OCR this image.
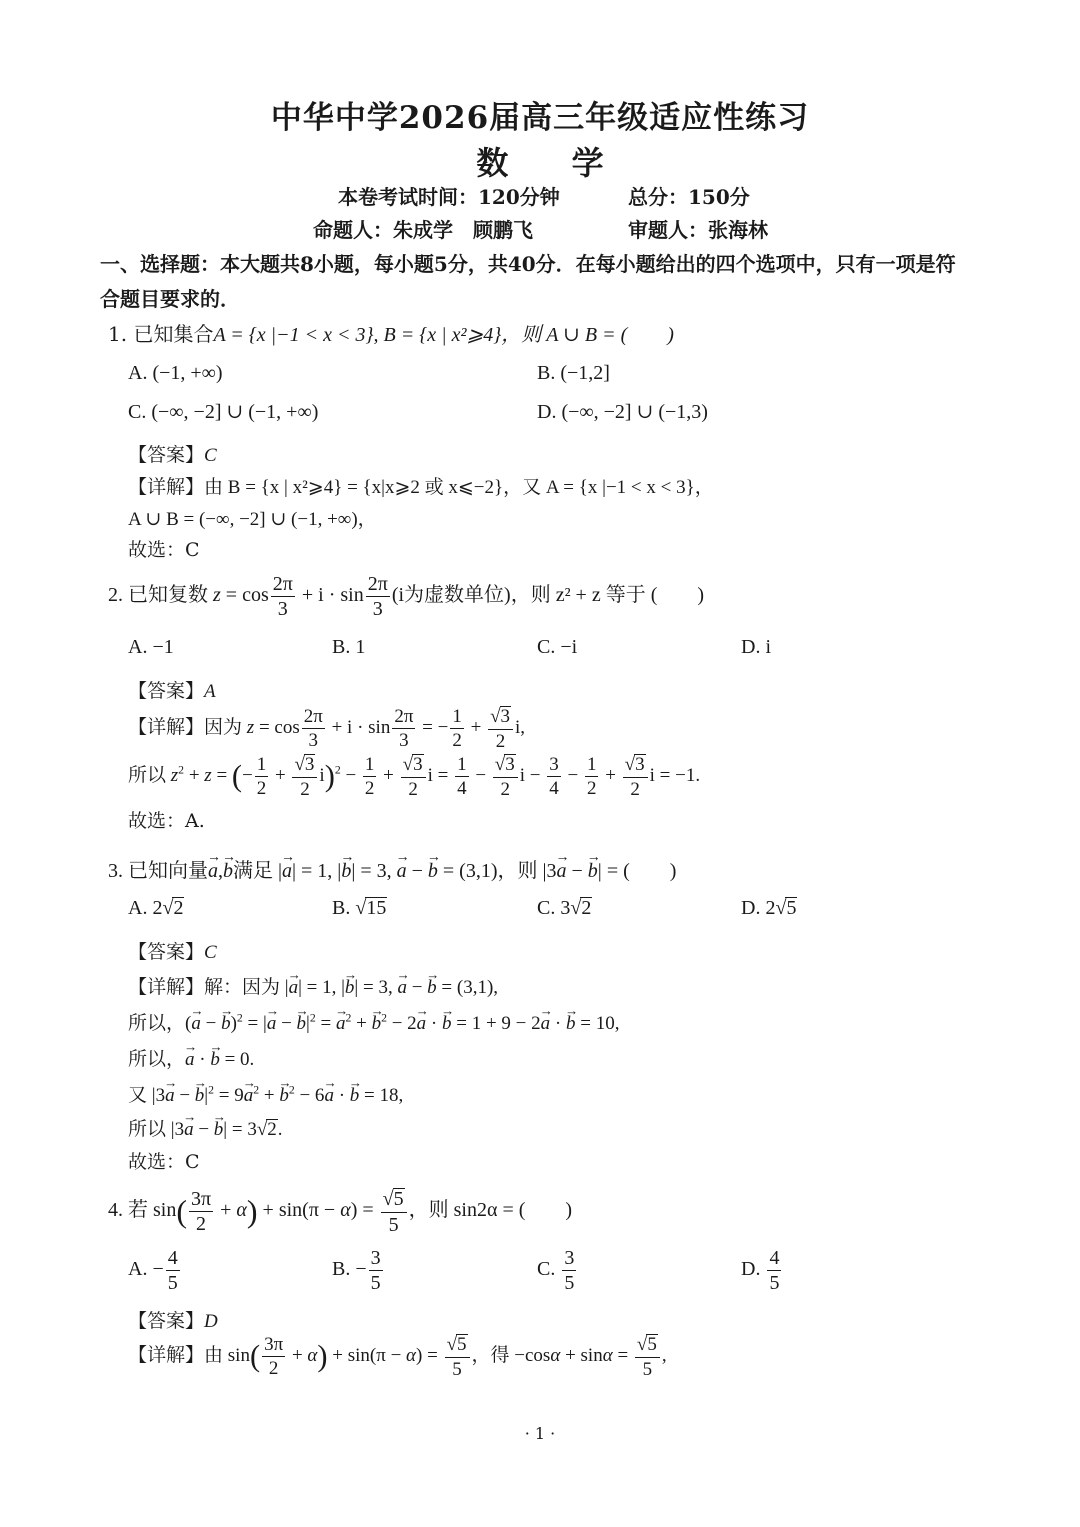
中华中学2026届高三年级适应性练习
数 学
本卷考试时间：120分钟	总分：150分
命题人：朱成学　顾鹏飞	审题人：张海林
一、选择题：本大题共8小题，每小题5分，共40分．在每小题给出的四个选项中，只有一项是符
合题目要求的．
1. 已知集合A = {x |−1 < x < 3}, B = {x | x²⩾4}，则 A ∪ B = (　　)
A. (−1, +∞)	B. (−1,2]
C. (−∞, −2] ∪ (−1, +∞)	D. (−∞, −2] ∪ (−1,3)
【答案】C
【详解】由 B = {x | x²⩾4} = {x|x⩾2 或 x⩽−2}，又 A = {x |−1 < x < 3}，
A ∪ B = (−∞, −2] ∪ (−1, +∞)，
故选：C
2. 已知复数 $z = \cos \frac{2\pi}{3} + i \cdot \sin \frac{2\pi}{3} (i$为虚数单位)，则 z² + z 等于 (　　)
A. −1	B. 1	C. −i	D. i
【答案】A
【详解】因为 $z = \cos \frac{2\pi}{3} + i \cdot \sin \frac{2\pi}{3}$ = − $\frac{1}{2} + \frac{√3}{2} i$,
所以 $z^2 + z$ = (− $\frac{1}{2} + \frac{√3}{2} i)^2 - \frac{1}{2} + \frac{√3}{2}$ $i = \frac{1}{4} - \frac{√3}{2}$ $i - \frac{3}{4} - \frac{1}{2} + \frac{√3}{2}$ i = −1.
故选：A.
3. 已知向量a →,b →满足 |a →| = 1, |b →| = 3, a → − b → = (3,1)，则 |3a → − b →| = (　　)
A. 2√2	B. √15	C. 3√2	D. 2√5
【答案】C
【详解】解：因为 |a →| = 1, |b →| = 3, a → − b → = (3,1),
所以，(a → − b →)$^2$ = |a → − $b \to|^2 = a \to^2 + b \to^2 - 2a$ → · b → = 1 + 9 − 2a → · b → = 10,
所以，a → · b → = 0.
又 |3a → − $b \to|^2 = 9a \to^2 + b \to^2 - 6a$ → · b → = 18,
所以 |3a → − b →| = 3√2.
故选：C
4. 若 $\sin( \frac{3\pi}{2} + \alpha) + \sin(\pi - \alpha) = \frac{√5}{5}$ ，则 sin2α = (　　)
A. − $\frac{4}{5}$	B. − $\frac{3}{5}$	C. $\frac{3}{5}$	D. $\frac{4}{5}$
【答案】D
【详解】由 $\sin( \frac{3\pi}{2} + \alpha) + \sin(\pi - \alpha) = \frac{√5}{5}$ ，得 $-\cos\alpha + \sin\alpha = \frac{√5}{5}$ ,
· 1 ·
